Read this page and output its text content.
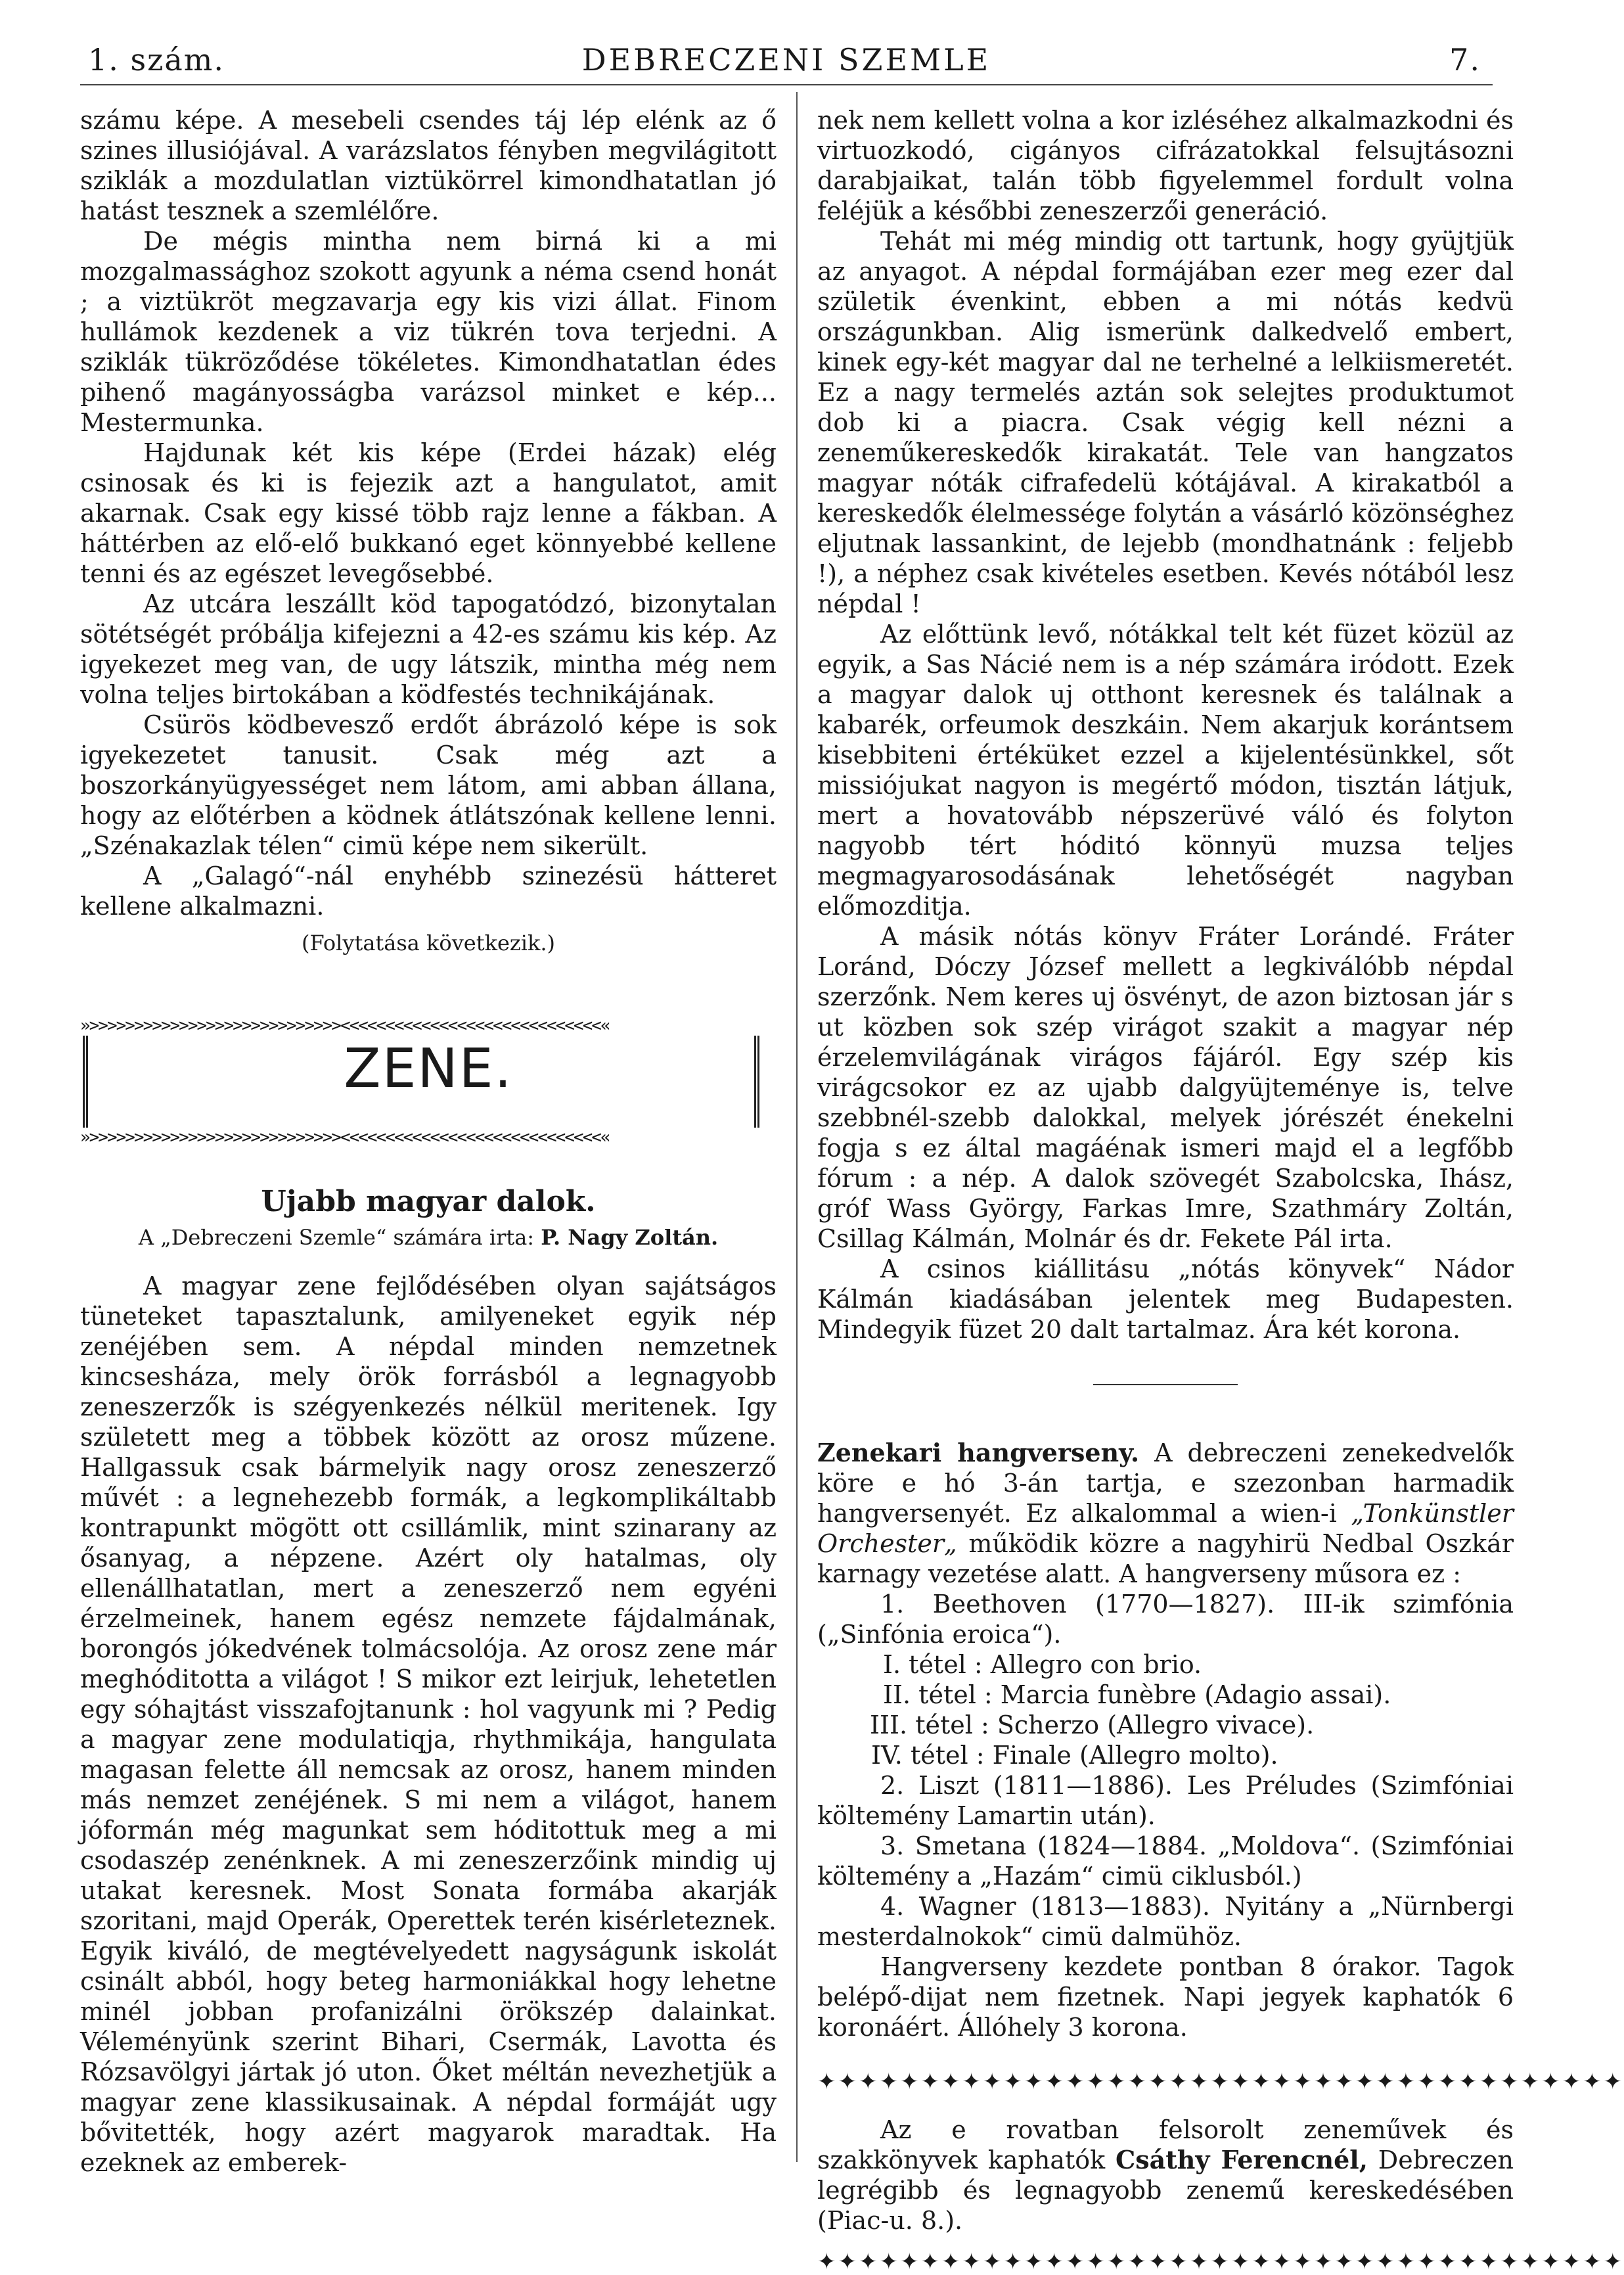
1. szám.	DEBRECZENI SZEMLE	7.

számu képe. A mesebeli csendes táj lép elénk az ő szines illusiójával. A varázslatos fényben megvilágitott sziklák a mozdulatlan viztükörrel kimondhatatlan jó hatást tesznek a szemlélőre.

De mégis mintha nem birná ki a mi mozgalmassághoz szokott agyunk a néma csend honát ; a viztükröt megzavarja egy kis vizi állat. Finom hullámok kezdenek a viz tükrén tova terjedni. A sziklák tükröződése tökéletes. Kimondhatatlan édes pihenő magányosságba varázsol minket e kép... Mestermunka.

Hajdunak két kis képe (Erdei házak) elég csinosak és ki is fejezik azt a hangulatot, amit akarnak. Csak egy kissé több rajz lenne a fákban. A háttérben az elő-elő bukkanó eget könnyebbé kellene tenni és az egészet levegősebbé.

Az utcára leszállt köd tapogatódzó, bizonytalan sötétségét próbálja kifejezni a 42-es számu kis kép. Az igyekezet meg van, de ugy látszik, mintha még nem volna teljes birtokában a ködfestés technikájának.

Csürös ködbevesző erdőt ábrázoló képe is sok igyekezetet tanusit. Csak még azt a boszorkányügyességet nem látom, ami abban állana, hogy az előtérben a ködnek átlátszónak kellene lenni. „Szénakazlak télen“ cimü képe nem sikerült.

A „Galagó“-nál enyhébb szinezésü hátteret kellene alkalmazni.

(Folytatása következik.)

»>>>>>>>>>>>>>>>>>>>>>>>>>>>><<<<<<<<<<<<<<<<<<<<<<<<<<<<<«
ZENE.
»>>>>>>>>>>>>>>>>>>>>>>>>>>>><<<<<<<<<<<<<<<<<<<<<<<<<<<<<«
Ujabb magyar dalok.
A „Debreczeni Szemle“ számára irta: P. Nagy Zoltán.

A magyar zene fejlődésében olyan sajátságos tüneteket tapasztalunk, amilyeneket egyik nép zenéjében sem. A népdal minden nemzetnek kincsesháza, mely örök forrásból a legnagyobb zeneszerzők is szégyenkezés nélkül meritenek. Igy született meg a többek között az orosz műzene. Hallgassuk csak bármelyik nagy orosz zeneszerző művét : a legnehezebb formák, a legkomplikáltabb kontrapunkt mögött ott csillámlik, mint szinarany az ősanyag, a népzene. Azért oly hatalmas, oly ellenállhatatlan, mert a zeneszerző nem egyéni érzelmeinek, hanem egész nemzete fájdalmának, borongós jókedvének tolmácsolója. Az orosz zene már meghóditotta a világot ! S mikor ezt leirjuk, lehetetlen egy sóhajtást visszafojtanunk : hol vagyunk mi ? Pedig a magyar zene modulatiqja, rhythmikája, hangulata magasan felette áll nemcsak az orosz, hanem minden más nemzet zenéjének. S mi nem a világot, hanem jóformán még magunkat sem hóditottuk meg a mi csodaszép zenénknek. A mi zeneszerzőink mindig uj utakat keresnek. Most Sonata formába akarják szoritani, majd Operák, Operettek terén kisérleteznek. Egyik kiváló, de megtévelyedett nagyságunk iskolát csinált abból, hogy beteg harmoniákkal hogy lehetne minél jobban profanizálni örökszép dalainkat. Véleményünk szerint Bihari, Csermák, Lavotta és Rózsavölgyi jártak jó uton. Őket méltán nevezhetjük a magyar zene klassikusainak. A népdal formáját ugy bővitették, hogy azért magyarok maradtak. Ha ezeknek az emberek-

nek nem kellett volna a kor izléséhez alkalmazkodni és virtuozkodó, cigányos cifrázatokkal felsujtásozni darabjaikat, talán több figyelemmel fordult volna feléjük a későbbi zeneszerzői generáció.

Tehát mi még mindig ott tartunk, hogy gyüjtjük az anyagot. A népdal formájában ezer meg ezer dal születik évenkint, ebben a mi nótás kedvü országunkban. Alig ismerünk dalkedvelő embert, kinek egy-két magyar dal ne terhelné a lelkiismeretét. Ez a nagy termelés aztán sok selejtes produktumot dob ki a piacra. Csak végig kell nézni a zeneműkereskedők kirakatát. Tele van hangzatos magyar nóták cifrafedelü kótájával. A kirakatból a kereskedők élelmessége folytán a vásárló közönséghez eljutnak lassankint, de lejebb (mondhatnánk : feljebb !), a néphez csak kivételes esetben. Kevés nótából lesz népdal !

Az előttünk levő, nótákkal telt két füzet közül az egyik, a Sas Nácié nem is a nép számára iródott. Ezek a magyar dalok uj otthont keresnek és találnak a kabarék, orfeumok deszkáin. Nem akarjuk korántsem kisebbiteni értéküket ezzel a kijelentésünkkel, sőt missiójukat nagyon is megértő módon, tisztán látjuk, mert a hovatovább népszerüvé váló és folyton nagyobb tért hóditó könnyü muzsa teljes megmagyarosodásának lehetőségét nagyban előmozditja.

A másik nótás könyv Fráter Lorándé. Fráter Loránd, Dóczy József mellett a legkiválóbb népdal szerzőnk. Nem keres uj ösvényt, de azon biztosan jár s ut közben sok szép virágot szakit a magyar nép érzelemvilágának virágos fájáról. Egy szép kis virágcsokor ez az ujabb dalgyüjteménye is, telve szebbnél-szebb dalokkal, melyek jórészét énekelni fogja s ez által magáénak ismeri majd el a legfőbb fórum : a nép. A dalok szövegét Szabolcska, Ihász, gróf Wass György, Farkas Imre, Szathmáry Zoltán, Csillag Kálmán, Molnár és dr. Fekete Pál irta.

A csinos kiállitásu „nótás könyvek“ Nádor Kálmán kiadásában jelentek meg Budapesten. Mindegyik füzet 20 dalt tartalmaz. Ára két korona.

Zenekari hangverseny. A debreczeni zenekedvelők köre e hó 3-án tartja, e szezonban harmadik hangversenyét. Ez alkalommal a wien-i „Tonkünstler Orchester„ működik közre a nagyhirü Nedbal Oszkár karnagy vezetése alatt. A hangverseny műsora ez :

1. Beethoven (1770—1827). III-ik szimfónia („Sinfónia eroica“).

I. tétel : Allegro con brio.
II. tétel : Marcia funèbre (Adagio assai).
III. tétel : Scherzo (Allegro vivace).
IV. tétel : Finale (Allegro molto).

2. Liszt (1811—1886). Les Préludes (Szimfóniai költemény Lamartin után).

3. Smetana (1824—1884. „Moldova“. (Szimfóniai költemény a „Hazám“ cimü ciklusból.)

4. Wagner (1813—1883). Nyitány a „Nürnbergi mesterdalnokok“ cimü dalmühöz.

Hangverseny kezdete pontban 8 órakor. Tagok belépő-dijat nem fizetnek. Napi jegyek kaphatók 6 koronáért. Állóhely 3 korona.

✦✦✦✦✦✦✦✦✦✦✦✦✦✦✦✦✦✦✦✦✦✦✦✦✦✦✦✦✦✦✦✦✦✦✦✦✦✦✦

Az e rovatban felsorolt zeneművek és szakkönyvek kaphatók Csáthy Ferencnél, Debreczen legrégibb és legnagyobb zenemű kereskedésében (Piac-u. 8.).

✦✦✦✦✦✦✦✦✦✦✦✦✦✦✦✦✦✦✦✦✦✦✦✦✦✦✦✦✦✦✦✦✦✦✦✦✦✦✦
